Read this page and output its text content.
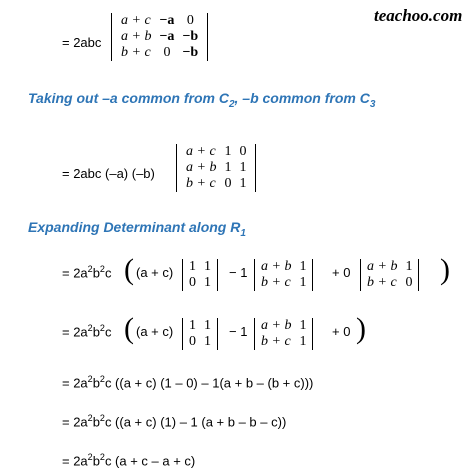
teachoo.com
= 2abc
a + c	−a	0
a + b	−a	−b
b + c	0	−b
Taking out –a common from $C_2$, –b common from $C_3$
= 2abc (–a) (–b)
a + c	1	0
a + b	1	1
b + c	0	1
Expanding Determinant along $R_1$
= $2a^2b^2c$ ( (a + c) 1	1
0	1
− 1 a + b	1
b + c	1
+ 0 a + b	1
b + c	0 )
= $2a^2b^2c$ ( (a + c) 1	1
0	1
− 1 a + b	1
b + c	1
+ 0 )
= $2a^2b^2c$ ((a + c) (1 – 0) – 1(a + b – (b + c)))
= $2a^2b^2c$ ((a + c) (1) – 1 (a + b – b – c))
= $2a^2b^2c$ (a + c – a + c)
